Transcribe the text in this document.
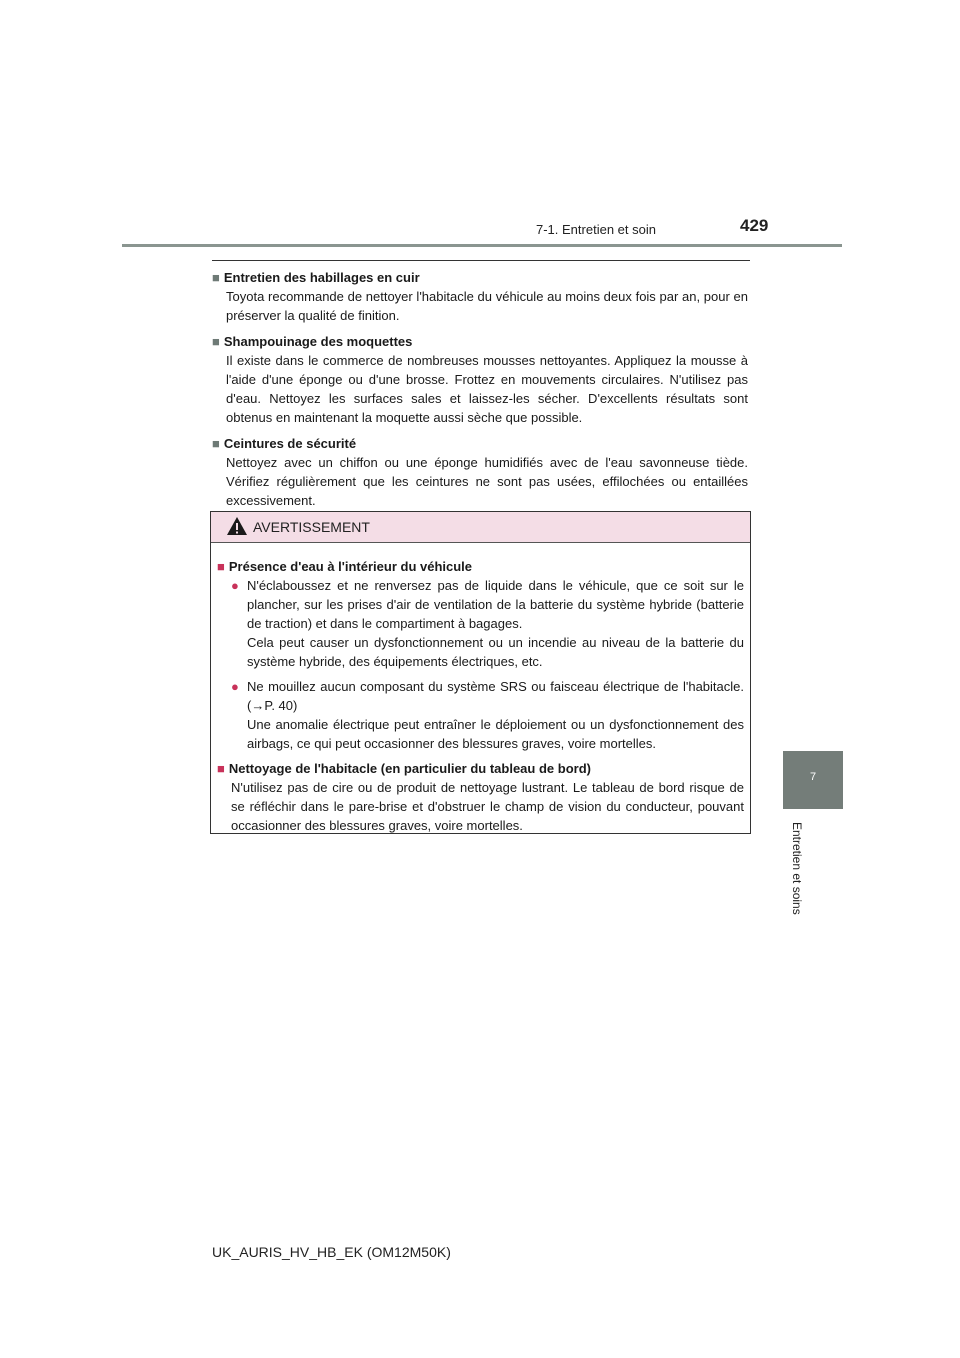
7-1. Entretien et soin	429
■ Entretien des habillages en cuir
Toyota recommande de nettoyer l'habitacle du véhicule au moins deux fois par an, pour en préserver la qualité de finition.
■ Shampouinage des moquettes
Il existe dans le commerce de nombreuses mousses nettoyantes. Appliquez la mousse à l'aide d'une éponge ou d'une brosse. Frottez en mouvements circulaires. N'utilisez pas d'eau. Nettoyez les surfaces sales et laissez-les sécher. D'excellents résultats sont obtenus en maintenant la moquette aussi sèche que possible.
■ Ceintures de sécurité
Nettoyez avec un chiffon ou une éponge humidifiés avec de l'eau savonneuse tiède. Vérifiez régulièrement que les ceintures ne sont pas usées, effilochées ou entaillées excessivement.
AVERTISSEMENT
■ Présence d'eau à l'intérieur du véhicule
● N'éclaboussez et ne renversez pas de liquide dans le véhicule, que ce soit sur le plancher, sur les prises d'air de ventilation de la batterie du système hybride (batterie de traction) et dans le compartiment à bagages.
Cela peut causer un dysfonctionnement ou un incendie au niveau de la batterie du système hybride, des équipements électriques, etc.
● Ne mouillez aucun composant du système SRS ou faisceau électrique de l'habitacle. (→P. 40)
Une anomalie électrique peut entraîner le déploiement ou un dysfonctionnement des airbags, ce qui peut occasionner des blessures graves, voire mortelles.
■ Nettoyage de l'habitacle (en particulier du tableau de bord)
N'utilisez pas de cire ou de produit de nettoyage lustrant. Le tableau de bord risque de se réfléchir dans le pare-brise et d'obstruer le champ de vision du conducteur, pouvant occasionner des blessures graves, voire mortelles.
7
Entretien et soins
UK_AURIS_HV_HB_EK (OM12M50K)
